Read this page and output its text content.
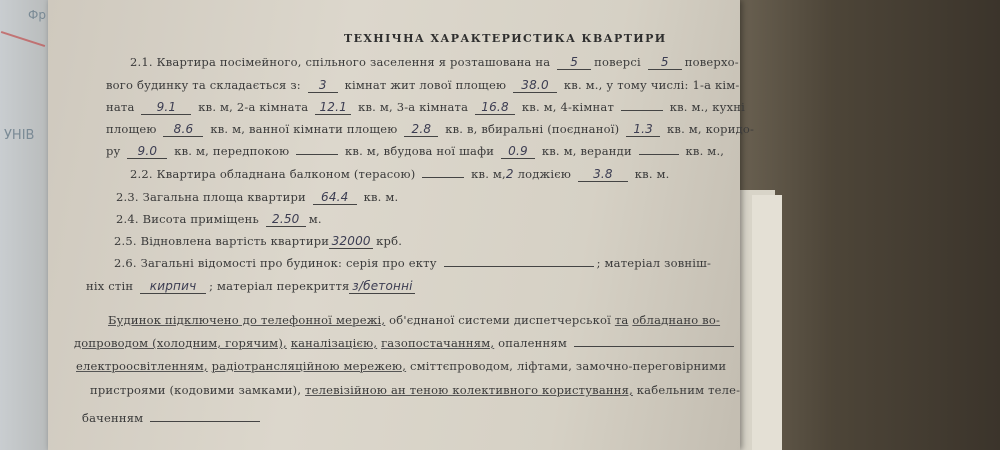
Фр
УНІВ
ТЕХНІЧНА ХАРАКТЕРИСТИКА КВАРТИРИ
2.1. Квартира посімейного, спільного заселення я розташована на 5 поверсі 5 поверхо-
вого будинку та складається з: 3 кімнат жит лової площею 38.0 кв. м., у тому числі: 1-а кім-
ната 9.1 кв. м, 2-а кімната 12.1 кв. м, 3-а кімната 16.8 кв. м, 4-кімнат	кв. м., кухні
площею 8.6 кв. м, ванної кімнати площею 2.8 кв. в, вбиральні (поєднаної) 1.3 кв. м, коридо-
ру 9.0 кв. м, передпокою	кв. м, вбудова ної шафи 0.9 кв. м, веранди	кв. м.,
2.2. Квартира обладнана балконом (терасою)	кв. м,2 лоджією 3.8 кв. м.
2.3. Загальна площа квартири 64.4 кв. м.
2.4. Висота приміщень 2.50 м.
2.5. Відновлена вартість квартири 32000 крб.
2.6. Загальні відомості про будинок: серія про екту	; матеріал зовніш-
ніх стін кирпич ; матеріал перекриття з/бетонні
Будинок підключено до телефонної мережі, об'єднаної системи диспетчерської та обладнано во-
допроводом (холодним, горячим), каналізацією, газопостачанням, опаленням
електроосвітленням, радіотрансляційною мережею, сміттєпроводом, ліфтами, замочно-переговірними
пристроями (кодовими замками), телевізійною ан теною колективного користування, кабельним теле-
баченням
